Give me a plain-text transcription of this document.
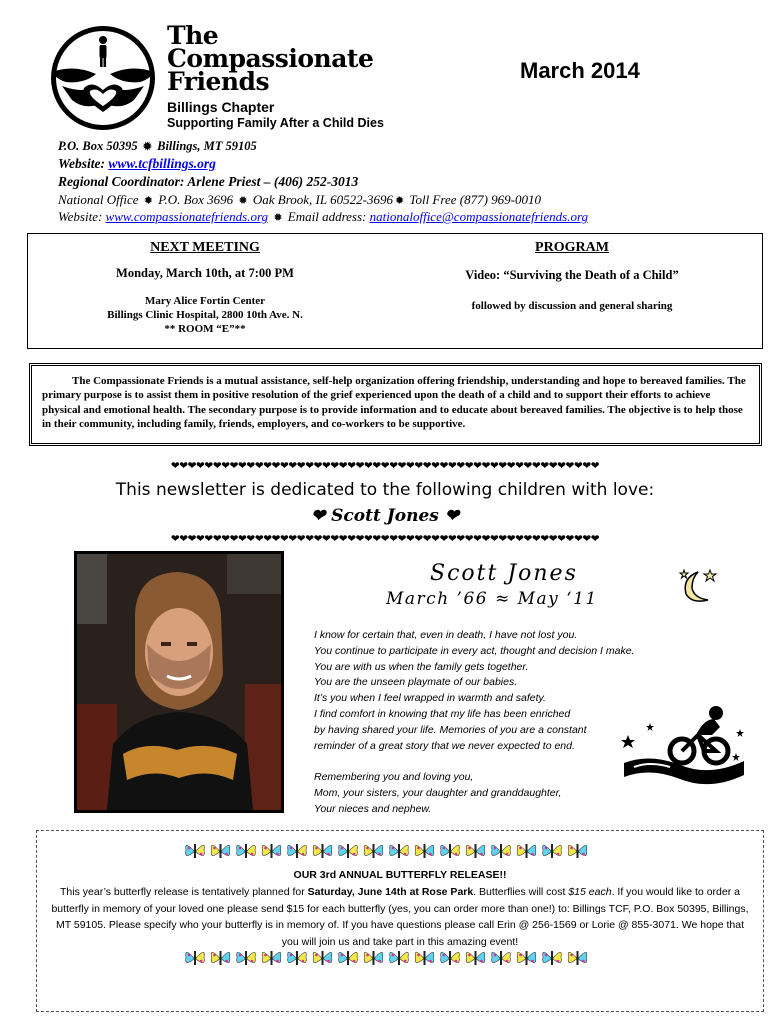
The
Compassionate
Friends
Billings Chapter
Supporting Family After a Child Dies
March 2014
P.O. Box 50395 ✹ Billings, MT 59105
Website: www.tcfbillings.org
Regional Coordinator: Arlene Priest – (406) 252-3013
National Office ✹ P.O. Box 3696 ✹ Oak Brook, IL 60522-3696 ✹ Toll Free (877) 969-0010
Website: www.compassionatefriends.org ✹ Email address: nationaloffice@compassionatefriends.org
NEXT MEETING
Monday, March 10th, at 7:00 PM
Mary Alice Fortin Center
Billings Clinic Hospital, 2800 10th Ave. N.
** ROOM “E”**
PROGRAM
Video: “Surviving the Death of a Child”
followed by discussion and general sharing

The Compassionate Friends is a mutual assistance, self-help organization offering friendship, understanding and hope to bereaved families. The primary purpose is to assist them in positive resolution of the grief experienced upon the death of a child and to support their efforts to achieve physical and emotional health. The secondary purpose is to provide information and to educate about bereaved families. The objective is to help those in their community, including family, friends, employers, and co-workers to be supportive.

❤❤❤❤❤❤❤❤❤❤❤❤❤❤❤❤❤❤❤❤❤❤❤❤❤❤❤❤❤❤❤❤❤❤❤❤❤❤❤❤❤❤❤❤❤❤❤❤❤❤❤
This newsletter is dedicated to the following children with love:
❤ Scott Jones ❤
❤❤❤❤❤❤❤❤❤❤❤❤❤❤❤❤❤❤❤❤❤❤❤❤❤❤❤❤❤❤❤❤❤❤❤❤❤❤❤❤❤❤❤❤❤❤❤❤❤❤❤
Scott Jones
March ’66 ≈ May ‘11
I know for certain that, even in death, I have not lost you.
You continue to participate in every act, thought and decision I make.
You are with us when the family gets together.
You are the unseen playmate of our babies.
It’s you when I feel wrapped in warmth and safety.
I find comfort in knowing that my life has been enriched
by having shared your life. Memories of you are a constant
reminder of a great story that we never expected to end.
Remembering you and loving you,
Mom, your sisters, your daughter and granddaughter,
Your nieces and nephew.
OUR 3rd ANNUAL BUTTERFLY RELEASE!!
This year’s butterfly release is tentatively planned for Saturday, June 14th at Rose Park. Butterflies will cost $15 each. If you would like to order a butterfly in memory of your loved one please send $15 for each butterfly (yes, you can order more than one!) to: Billings TCF, P.O. Box 50395, Billings, MT 59105. Please specify who your butterfly is in memory of. If you have questions please call Erin @ 256-1569 or Lorie @ 855-3071. We hope that you will join us and take part in this amazing event!
